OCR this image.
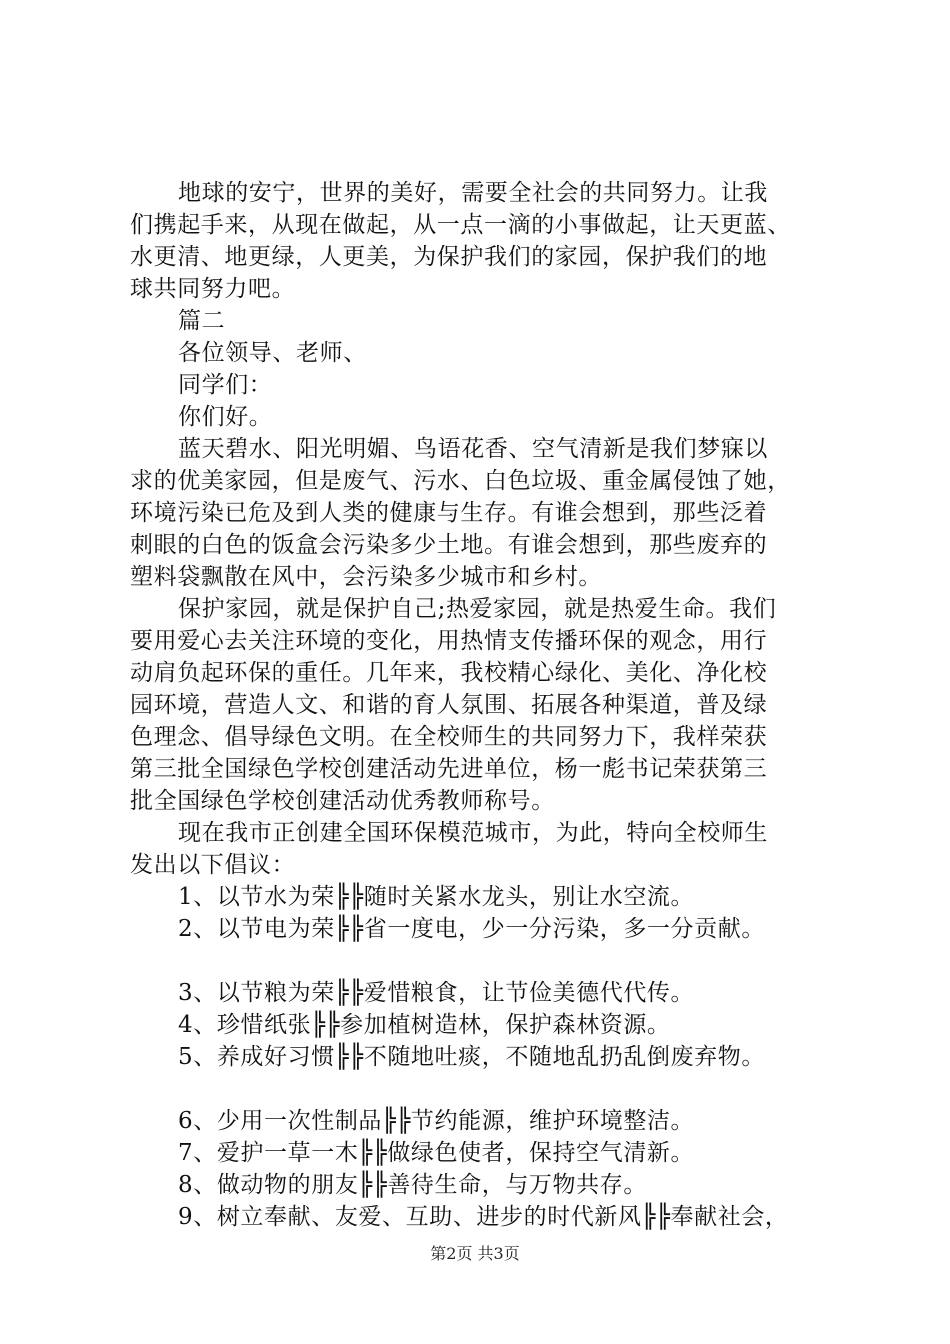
地球的安宁，世界的美好，需要全社会的共同努力。让我
们携起手来，从现在做起，从一点一滴的小事做起，让天更蓝、
水更清、地更绿，人更美，为保护我们的家园，保护我们的地
球共同努力吧。
篇二
各位领导、老师、
同学们：
你们好。
蓝天碧水、阳光明媚、鸟语花香、空气清新是我们梦寐以
求的优美家园，但是废气、污水、白色垃圾、重金属侵蚀了她，
环境污染已危及到人类的健康与生存。有谁会想到，那些泛着
刺眼的白色的饭盒会污染多少土地。有谁会想到，那些废弃的
塑料袋飘散在风中，会污染多少城市和乡村。
保护家园，就是保护自己;热爱家园，就是热爱生命。我们
要用爱心去关注环境的变化，用热情支传播环保的观念，用行
动肩负起环保的重任。几年来，我校精心绿化、美化、净化校
园环境，营造人文、和谐的育人氛围、拓展各种渠道，普及绿
色理念、倡导绿色文明。在全校师生的共同努力下，我样荣获
第三批全国绿色学校创建活动先进单位，杨一彪书记荣获第三
批全国绿色学校创建活动优秀教师称号。
现在我市正创建全国环保模范城市，为此，特向全校师生
发出以下倡议：
1、以节水为荣╠╠随时关紧水龙头，别让水空流。
2、以节电为荣╠╠省一度电，少一分污染，多一分贡献。
3、以节粮为荣╠╠爱惜粮食，让节俭美德代代传。
4、珍惜纸张╠╠参加植树造林，保护森林资源。
5、养成好习惯╠╠不随地吐痰，不随地乱扔乱倒废弃物。
6、少用一次性制品╠╠节约能源，维护环境整洁。
7、爱护一草一木╠╠做绿色使者，保持空气清新。
8、做动物的朋友╠╠善待生命，与万物共存。
9、树立奉献、友爱、互助、进步的时代新风╠╠奉献社会，
第2页 共3页
